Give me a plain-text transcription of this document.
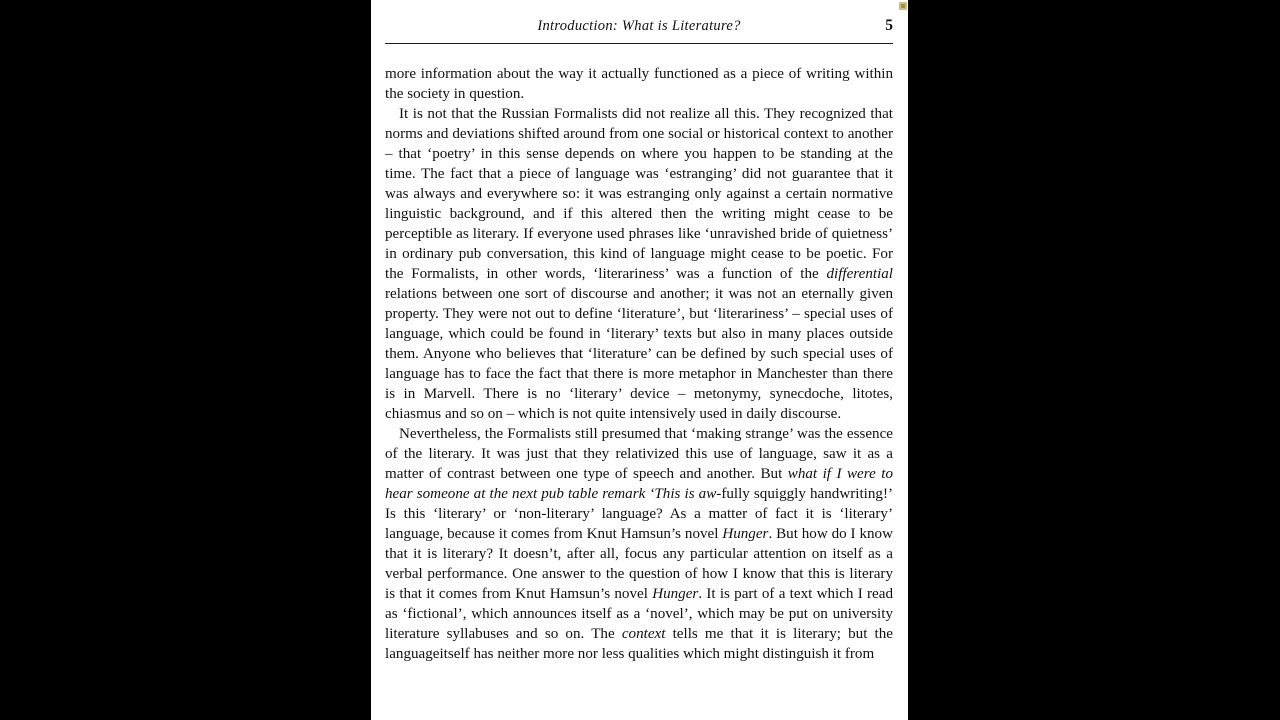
Introduction: What is Literature?	5

more information about the way it actually functioned as a piece of writing within the society in question.

It is not that the Russian Formalists did not realize all this. They recognized that norms and deviations shifted around from one social or historical context to another – that ‘poetry’ in this sense depends on where you happen to be standing at the time. The fact that a piece of language was ‘estranging’ did not guarantee that it was always and everywhere so: it was estranging only against a certain normative linguistic background, and if this altered then the writing might cease to be perceptible as literary. If everyone used phrases like ‘unravished bride of quietness’ in ordinary pub conversation, this kind of language might cease to be poetic. For the Formalists, in other words, ‘literariness’ was a function of the differential relations between one sort of discourse and another; it was not an eternally given property. They were not out to define ‘literature’, but ‘literariness’ – special uses of language, which could be found in ‘literary’ texts but also in many places outside them. Anyone who believes that ‘literature’ can be defined by such special uses of language has to face the fact that there is more metaphor in Manchester than there is in Marvell. There is no ‘literary’ device – metonymy, synecdoche, litotes, chiasmus and so on – which is not quite intensively used in daily discourse.

Nevertheless, the Formalists still presumed that ‘making strange’ was the essence of the literary. It was just that they relativized this use of language, saw it as a matter of contrast between one type of speech and another. But what if I were to hear someone at the next pub table remark ‘This is aw-fully squiggly handwriting!’ Is this ‘literary’ or ‘non-literary’ language? As a matter of fact it is ‘literary’ language, because it comes from Knut Hamsun’s novel Hunger. But how do I know that it is literary? It doesn’t, after all, focus any particular attention on itself as a verbal performance. One answer to the question of how I know that this is literary is that it comes from Knut Hamsun’s novel Hunger. It is part of a text which I read as ‘fictional’, which announces itself as a ‘novel’, which may be put on university literature syllabuses and so on. The context tells me that it is literary; but the languageitself has neither more nor less qualities which might distinguish it from
